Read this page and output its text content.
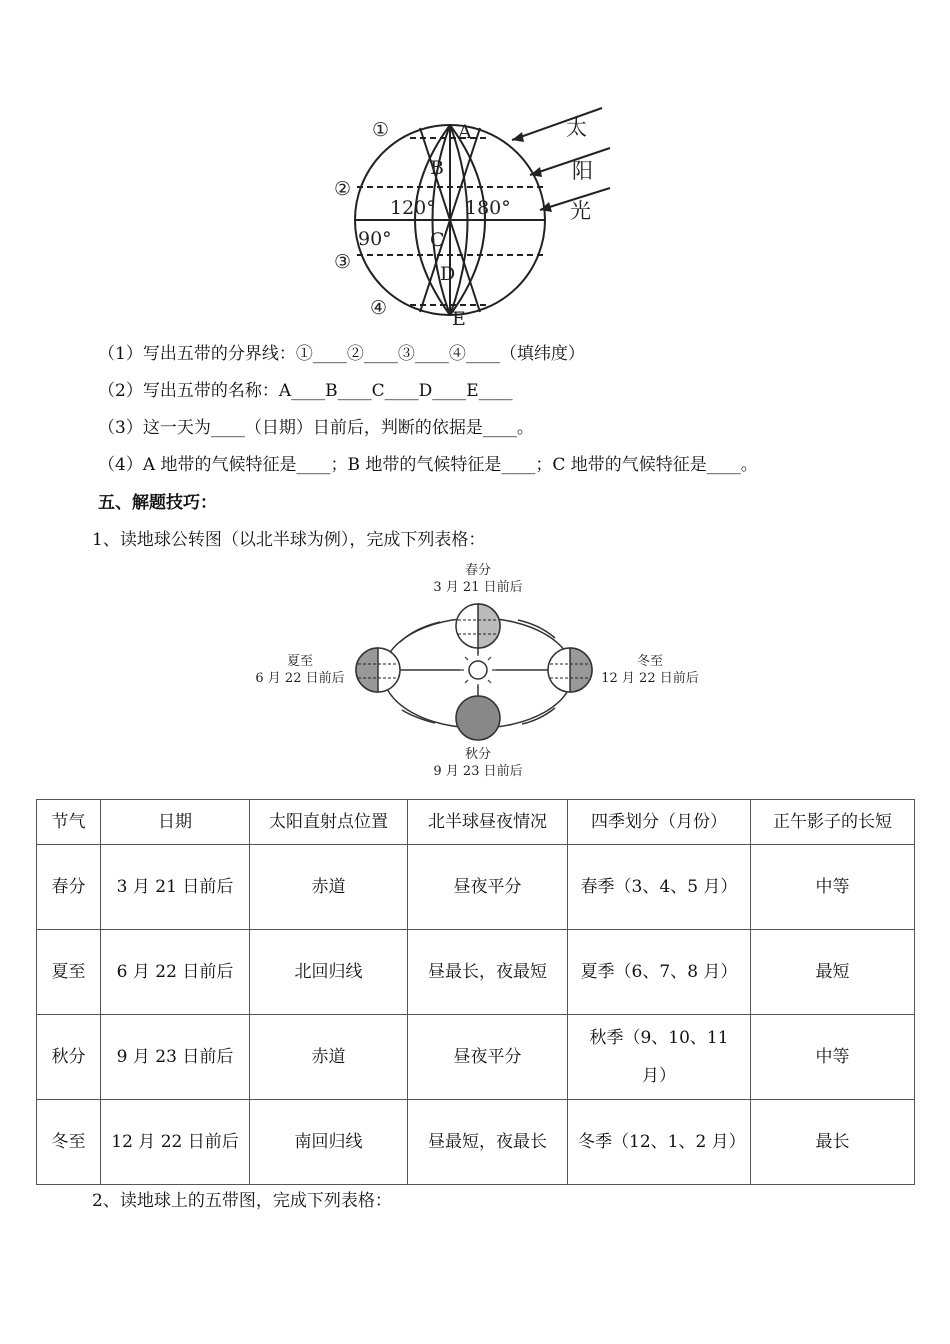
①
②
③
④
A
B
C
D
E
120° 180°
90°
太
阳
光
（1）写出五带的分界线：①____②____③____④____（填纬度）
（2）写出五带的名称：A____B____C____D____E____
（3）这一天为____（日期）日前后，判断的依据是____。
（4）A 地带的气候特征是____；B 地带的气候特征是____；C 地带的气候特征是____。
五、解题技巧：
1、读地球公转图（以北半球为例），完成下列表格：
春分
3 月 21 日前后
夏至
6 月 22 日前后
秋分
9 月 23 日前后
冬至
12 月 22 日前后
节气	日期	太阳直射点位置	北半球昼夜情况	四季划分（月份）	正午影子的长短
春分	3 月 21 日前后	赤道	昼夜平分	春季（3、4、5 月）	中等
夏至	6 月 22 日前后	北回归线	昼最长，夜最短	夏季（6、7、8 月）	最短
秋分	9 月 23 日前后	赤道	昼夜平分	秋季（9、10、11 月）	中等
冬至	12 月 22 日前后	南回归线	昼最短，夜最长	冬季（12、1、2 月）	最长
2、读地球上的五带图，完成下列表格：
